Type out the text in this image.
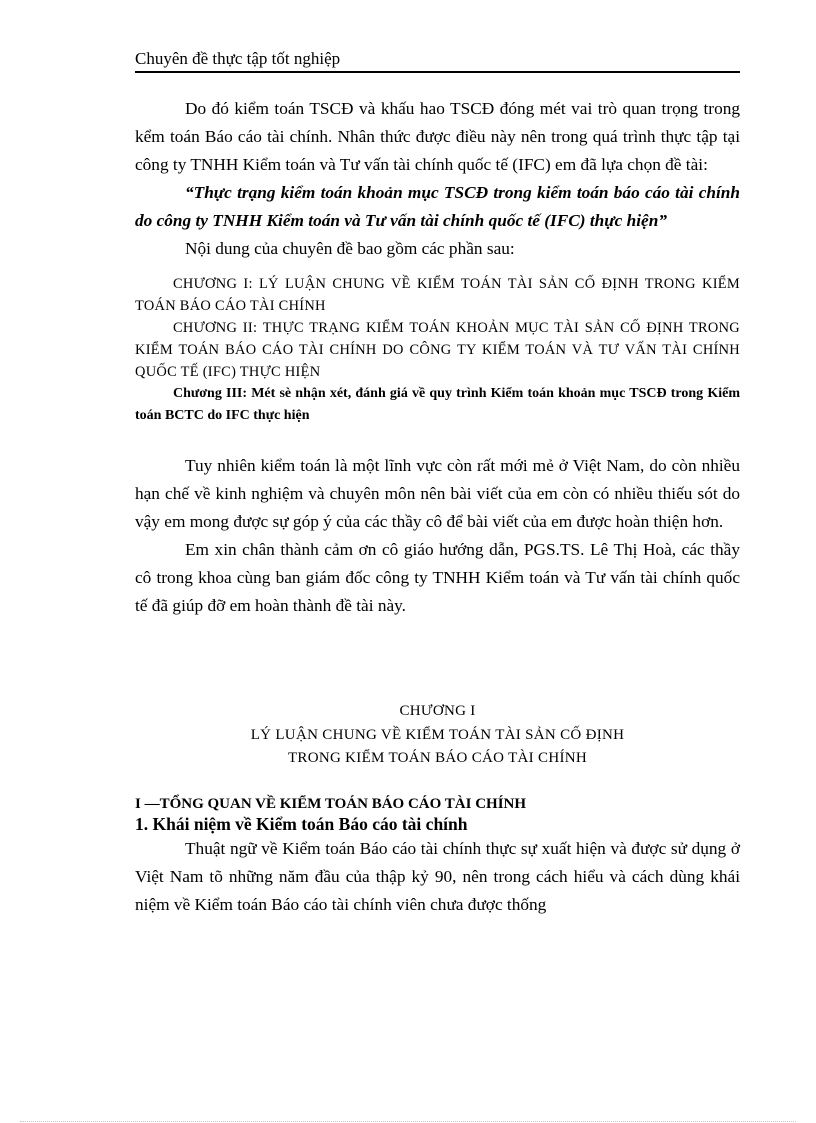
Chuyên đề thực tập tốt nghiệp

Do đó kiểm toán TSCĐ và khấu hao TSCĐ đóng mét vai trò quan trọng trong kểm toán Báo cáo tài chính. Nhân thức được điều này nên trong quá trình thực tập tại công ty TNHH Kiểm toán và Tư vấn tài chính quốc tế (IFC) em đã lựa chọn đề tài:

“Thực trạng kiểm toán khoản mục TSCĐ trong kiểm toán báo cáo tài chính do công ty TNHH Kiểm toán và Tư vấn tài chính quốc tế (IFC) thực hiện”

Nội dung của chuyên đề bao gồm các phần sau:

CHƯƠNG I: LÝ LUẬN CHUNG VỀ KIỂM TOÁN TÀI SẢN CỐ ĐỊNH TRONG KIỂM TOÁN BÁO CÁO TÀI CHÍNH

CHƯƠNG II: THỰC TRẠNG KIỂM TOÁN KHOẢN MỤC TÀI SẢN CỐ ĐỊNH TRONG KIỂM TOÁN BÁO CÁO TÀI CHÍNH DO CÔNG TY KIỂM TOÁN VÀ TƯ VẤN TÀI CHÍNH QUỐC TẾ (IFC) THỰC HIỆN

Chương III: Mét sè nhận xét, đánh giá về quy trình Kiểm toán khoản mục TSCĐ trong Kiểm toán BCTC do IFC thực hiện

Tuy nhiên kiểm toán là một lĩnh vực còn rất mới mẻ ở Việt Nam, do còn nhiều hạn chế về kinh nghiệm và chuyên môn nên bài viết của em còn có nhiều thiếu sót do vậy em mong được sự góp ý của các thầy cô để bài viết của em được hoàn thiện hơn.

Em xin chân thành cảm ơn cô giáo hướng dẫn, PGS.TS. Lê Thị Hoà, các thầy cô trong khoa cùng ban giám đốc công ty TNHH Kiểm toán và Tư vấn tài chính quốc tế đã giúp đỡ em hoàn thành đề tài này.

CHƯƠNG I

LÝ LUẬN CHUNG VỀ KIỂM TOÁN TÀI SẢN CỐ ĐỊNH

TRONG KIỂM TOÁN BÁO CÁO TÀI CHÍNH

I —TỔNG QUAN VỀ KIỂM TOÁN BÁO CÁO TÀI CHÍNH

1. Khái niệm về Kiểm toán Báo cáo tài chính

Thuật ngữ về Kiểm toán Báo cáo tài chính thực sự xuất hiện và được sử dụng ở Việt Nam tõ những năm đầu của thập kỷ 90, nên trong cách hiểu và cách dùng khái niệm về Kiểm toán Báo cáo tài chính viên chưa được thống
